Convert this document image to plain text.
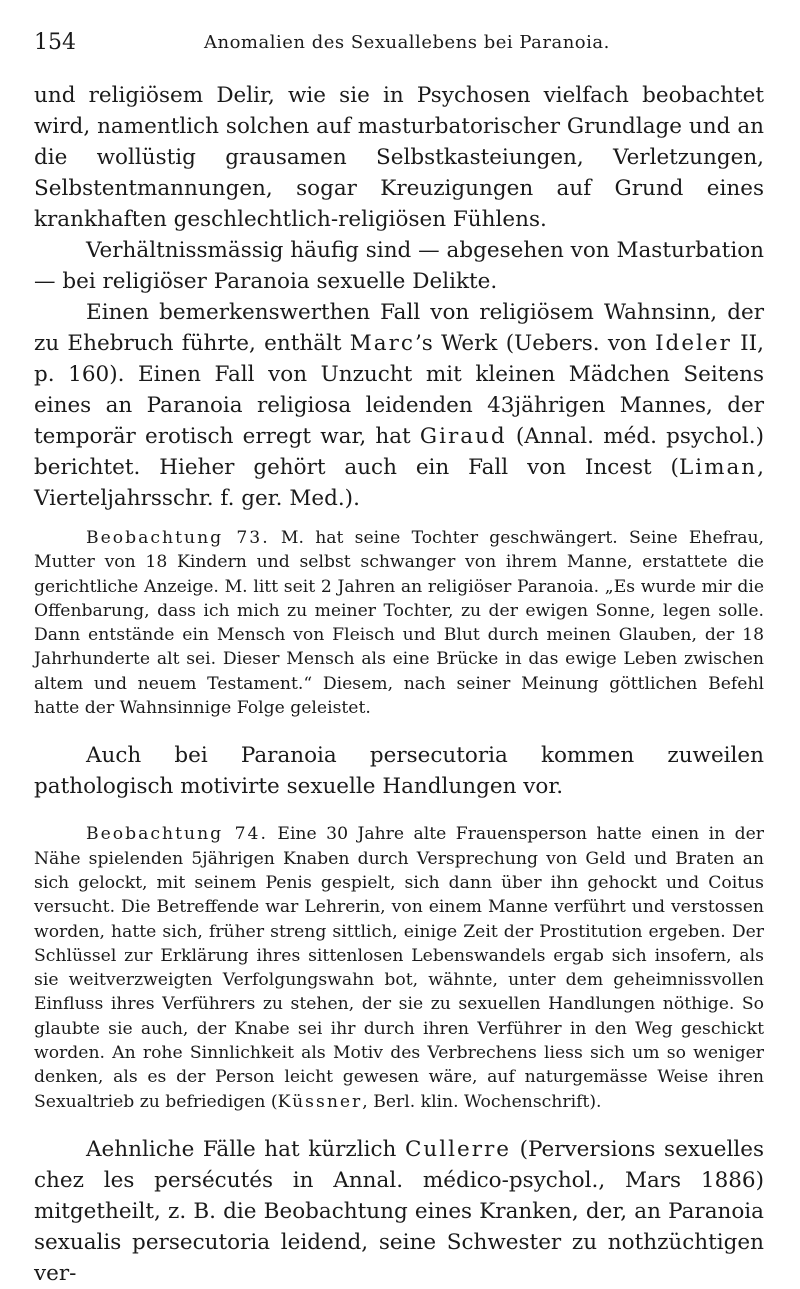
154	Anomalien des Sexuallebens bei Paranoia.

und religiösem Delir, wie sie in Psychosen vielfach beobachtet wird, namentlich solchen auf masturbatorischer Grundlage und an die wollüstig grausamen Selbstkasteiungen, Verletzungen, Selbstentmannungen, sogar Kreuzigungen auf Grund eines krankhaften geschlechtlich-religiösen Fühlens.

Verhältnissmässig häufig sind — abgesehen von Masturbation — bei religiöser Paranoia sexuelle Delikte.

Einen bemerkenswerthen Fall von religiösem Wahnsinn, der zu Ehebruch führte, enthält Marc’s Werk (Uebers. von Ideler II, p. 160). Einen Fall von Unzucht mit kleinen Mädchen Seitens eines an Paranoia religiosa leidenden 43jährigen Mannes, der temporär erotisch erregt war, hat Giraud (Annal. méd. psychol.) berichtet. Hieher gehört auch ein Fall von Incest (Liman, Vierteljahrsschr. f. ger. Med.).

Beobachtung 73. M. hat seine Tochter geschwängert. Seine Ehefrau, Mutter von 18 Kindern und selbst schwanger von ihrem Manne, erstattete die gerichtliche Anzeige. M. litt seit 2 Jahren an religiöser Paranoia. „Es wurde mir die Offenbarung, dass ich mich zu meiner Tochter, zu der ewigen Sonne, legen solle. Dann entstände ein Mensch von Fleisch und Blut durch meinen Glauben, der 18 Jahrhunderte alt sei. Dieser Mensch als eine Brücke in das ewige Leben zwischen altem und neuem Testament.“ Diesem, nach seiner Meinung göttlichen Befehl hatte der Wahnsinnige Folge geleistet.

Auch bei Paranoia persecutoria kommen zuweilen pathologisch motivirte sexuelle Handlungen vor.

Beobachtung 74. Eine 30 Jahre alte Frauensperson hatte einen in der Nähe spielenden 5jährigen Knaben durch Versprechung von Geld und Braten an sich gelockt, mit seinem Penis gespielt, sich dann über ihn gehockt und Coitus versucht. Die Betreffende war Lehrerin, von einem Manne verführt und verstossen worden, hatte sich, früher streng sittlich, einige Zeit der Prostitution ergeben. Der Schlüssel zur Erklärung ihres sittenlosen Lebenswandels ergab sich insofern, als sie weitverzweigten Verfolgungswahn bot, wähnte, unter dem geheimnissvollen Einfluss ihres Verführers zu stehen, der sie zu sexuellen Handlungen nöthige. So glaubte sie auch, der Knabe sei ihr durch ihren Verführer in den Weg geschickt worden. An rohe Sinnlichkeit als Motiv des Verbrechens liess sich um so weniger denken, als es der Person leicht gewesen wäre, auf naturgemässe Weise ihren Sexualtrieb zu befriedigen (Küssner, Berl. klin. Wochenschrift).

Aehnliche Fälle hat kürzlich Cullerre (Perversions sexuelles chez les persécutés in Annal. médico-psychol., Mars 1886) mitgetheilt, z. B. die Beobachtung eines Kranken, der, an Paranoia sexualis persecutoria leidend, seine Schwester zu nothzüchtigen ver-
